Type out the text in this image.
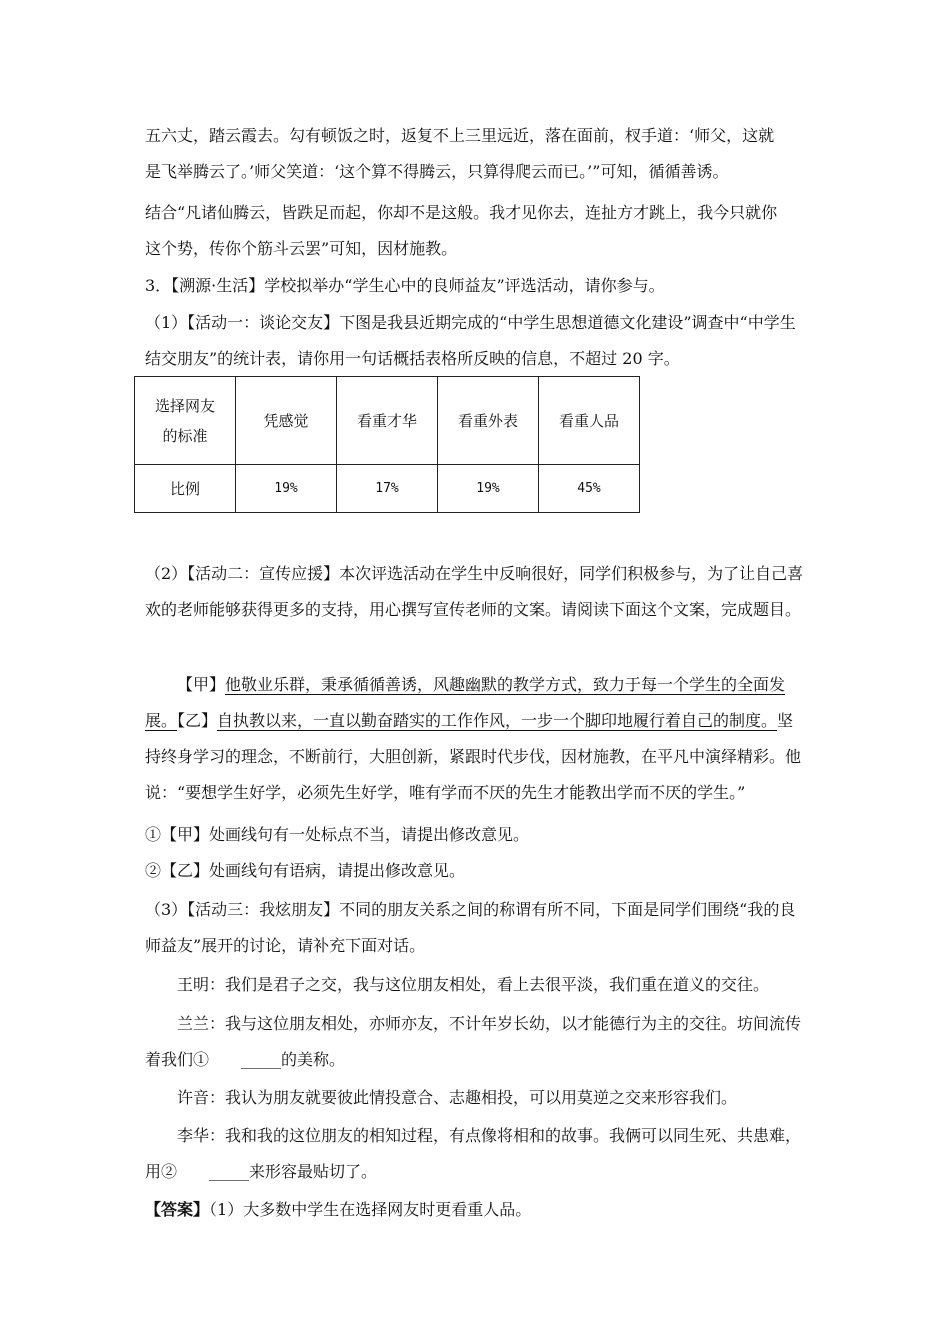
五六丈，踏云霞去。勾有顿饭之时，返复不上三里远近，落在面前，杈手道：‘师父，这就

是飞举腾云了。’师父笑道：‘这个算不得腾云，只算得爬云而已。’”可知，循循善诱。

结合“凡诸仙腾云，皆跌足而起，你却不是这般。我才见你去，连扯方才跳上，我今只就你

这个势，传你个筋斗云罢”可知，因材施教。

3．【溯源·生活】学校拟举办“学生心中的良师益友”评选活动，请你参与。

（1）【活动一：谈论交友】下图是我县近期完成的“中学生思想道德文化建设”调查中“中学生结交朋友”的统计表，请你用一句话概括表格所反映的信息，不超过 20 字。

选择网友的标准	凭感觉	看重才华	看重外表	看重人品
比例	19%	17%	19%	45%

（2）【活动二：宣传应援】本次评选活动在学生中反响很好，同学们积极参与，为了让自己喜欢的老师能够获得更多的支持，用心撰写宣传老师的文案。请阅读下面这个文案，完成题目。

【甲】他敬业乐群，秉承循循善诱，风趣幽默的教学方式，致力于每一个学生的全面发展。【乙】自执教以来，一直以勤奋踏实的工作作风，一步一个脚印地履行着自己的制度。坚持终身学习的理念，不断前行，大胆创新，紧跟时代步伐，因材施教，在平凡中演绎精彩。他说：“要想学生好学，必须先生好学，唯有学而不厌的先生才能教出学而不厌的学生。”

①【甲】处画线句有一处标点不当，请提出修改意见。

②【乙】处画线句有语病，请提出修改意见。

（3）【活动三：我炫朋友】不同的朋友关系之间的称谓有所不同，下面是同学们围绕“我的良师益友”展开的讨论，请补充下面对话。

王明：我们是君子之交，我与这位朋友相处，看上去很平淡，我们重在道义的交往。

兰兰：我与这位朋友相处，亦师亦友，不计年岁长幼，以才能德行为主的交往。坊间流传着我们① _____的美称。

许音：我认为朋友就要彼此情投意合、志趣相投，可以用莫逆之交来形容我们。

李华：我和我的这位朋友的相知过程，有点像将相和的故事。我俩可以同生死、共患难，用② _____来形容最贴切了。

【答案】（1）大多数中学生在选择网友时更看重人品。
